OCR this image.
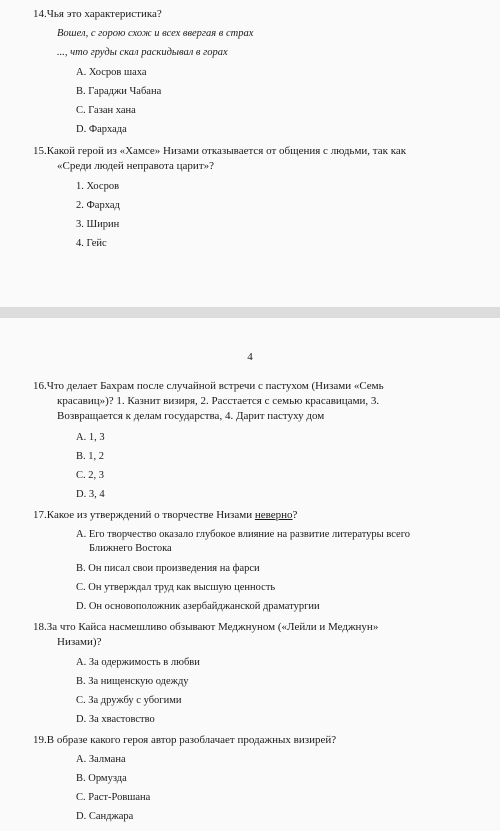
14.Чья это характеристика?
Вошел, с горою схож и всех ввергая в страх
..., что груды скал раскидывал в горах
A. Хосров шаха
B. Гараджи Чабана
C. Газан хана
D. Фархада
15.Какой герой из «Хамсе» Низами отказывается от общения с людьми, так как
«Среди людей неправота царит»?
1. Хосров
2. Фархад
3. Ширин
4. Гейс
4
16.Что делает Бахрам после случайной встречи с пастухом (Низами «Семь
красавиц»)? 1. Казнит визиря, 2. Расстается с семью красавицами, 3.
Возвращается к делам государства, 4. Дарит пастуху дом
A. 1, 3
B. 1, 2
C. 2, 3
D. 3, 4
17.Какое из утверждений о творчестве Низами неверно?
A. Его творчество оказало глубокое влияние на развитие литературы всего
Ближнего Востока
B. Он писал свои произведения на фарси
C. Он утверждал труд как высшую ценность
D. Он основоположник азербайджанской драматургии
18.За что Кайса насмешливо обзывают Меджнуном («Лейли и Меджнун»
Низами)?
A. За одержимость в любви
B. За нищенскую одежду
C. За дружбу с убогими
D. За хвастовство
19.В образе какого героя автор разоблачает продажных визирей?
A. Залмана
B. Ормузда
C. Раст-Ровшана
D. Санджара
